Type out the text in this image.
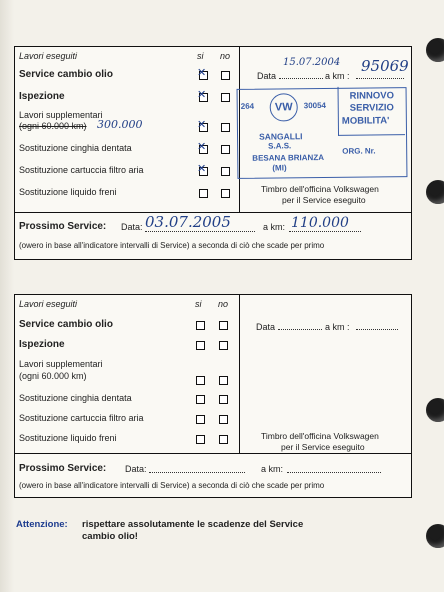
Lavori eseguiti	si no
Service cambio olio	✕
Ispezione	✕
Lavori supplementari
(ogni 60.000 km) 300.000	✕
Sostituzione cinghia dentata	✕
Sostituzione cartuccia filtro aria	✕
Sostituzione liquido freni
Data
15.07.2004
a km :
95069
264	30054
VW
SANGALLI
S.A.S.
BESANA BRIANZA
(MI)
RINNOVO
SERVIZIO
MOBILITA'
ORG. Nr.
Timbro dell'officina Volkswagen
per il Service eseguito
Prossimo Service: Data: 03.07.2005	a km: 110.000
(owero in base all'indicatore intervalli di Service) a seconda di ciò che scade per primo
Lavori eseguiti	si no
Service cambio olio
Ispezione
Lavori supplementari
(ogni 60.000 km)
Sostituzione cinghia dentata
Sostituzione cartuccia filtro aria
Sostituzione liquido freni
Data	a km :
Timbro dell'officina Volkswagen
per il Service eseguito
Prossimo Service: Data:	a km:
(owero in base all'indicatore intervalli di Service) a seconda di ciò che scade per primo
Attenzione: rispettare assolutamente le scadenze del Service
cambio olio!
